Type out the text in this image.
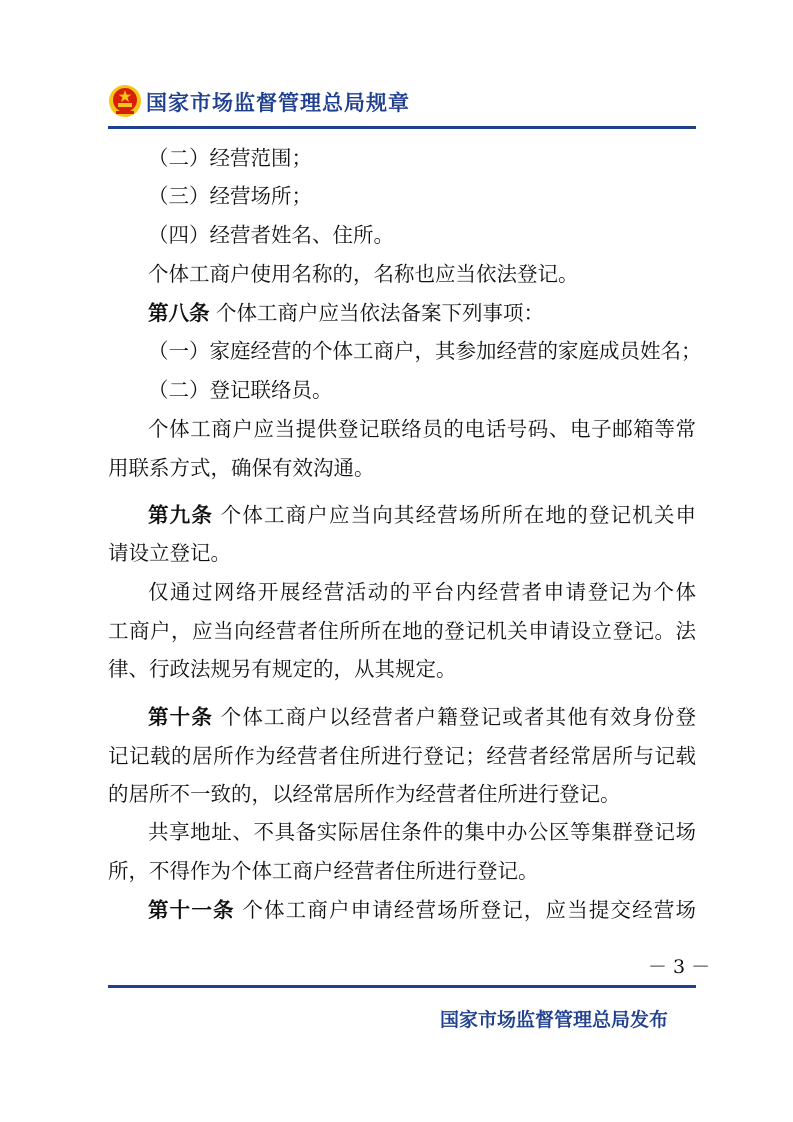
国家市场监督管理总局规章
（二）经营范围；
（三）经营场所；
（四）经营者姓名、住所。
个体工商户使用名称的，名称也应当依法登记。
第八条 个体工商户应当依法备案下列事项：
（一）家庭经营的个体工商户，其参加经营的家庭成员姓名；
（二）登记联络员。
个体工商户应当提供登记联络员的电话号码、电子邮箱等常
用联系方式，确保有效沟通。
第九条 个体工商户应当向其经营场所所在地的登记机关申
请设立登记。
仅通过网络开展经营活动的平台内经营者申请登记为个体
工商户，应当向经营者住所所在地的登记机关申请设立登记。法
律、行政法规另有规定的，从其规定。
第十条 个体工商户以经营者户籍登记或者其他有效身份登
记记载的居所作为经营者住所进行登记；经营者经常居所与记载
的居所不一致的，以经常居所作为经营者住所进行登记。
共享地址、不具备实际居住条件的集中办公区等集群登记场
所，不得作为个体工商户经营者住所进行登记。
第十一条 个体工商户申请经营场所登记，应当提交经营场
－ 3 －
国家市场监督管理总局发布
